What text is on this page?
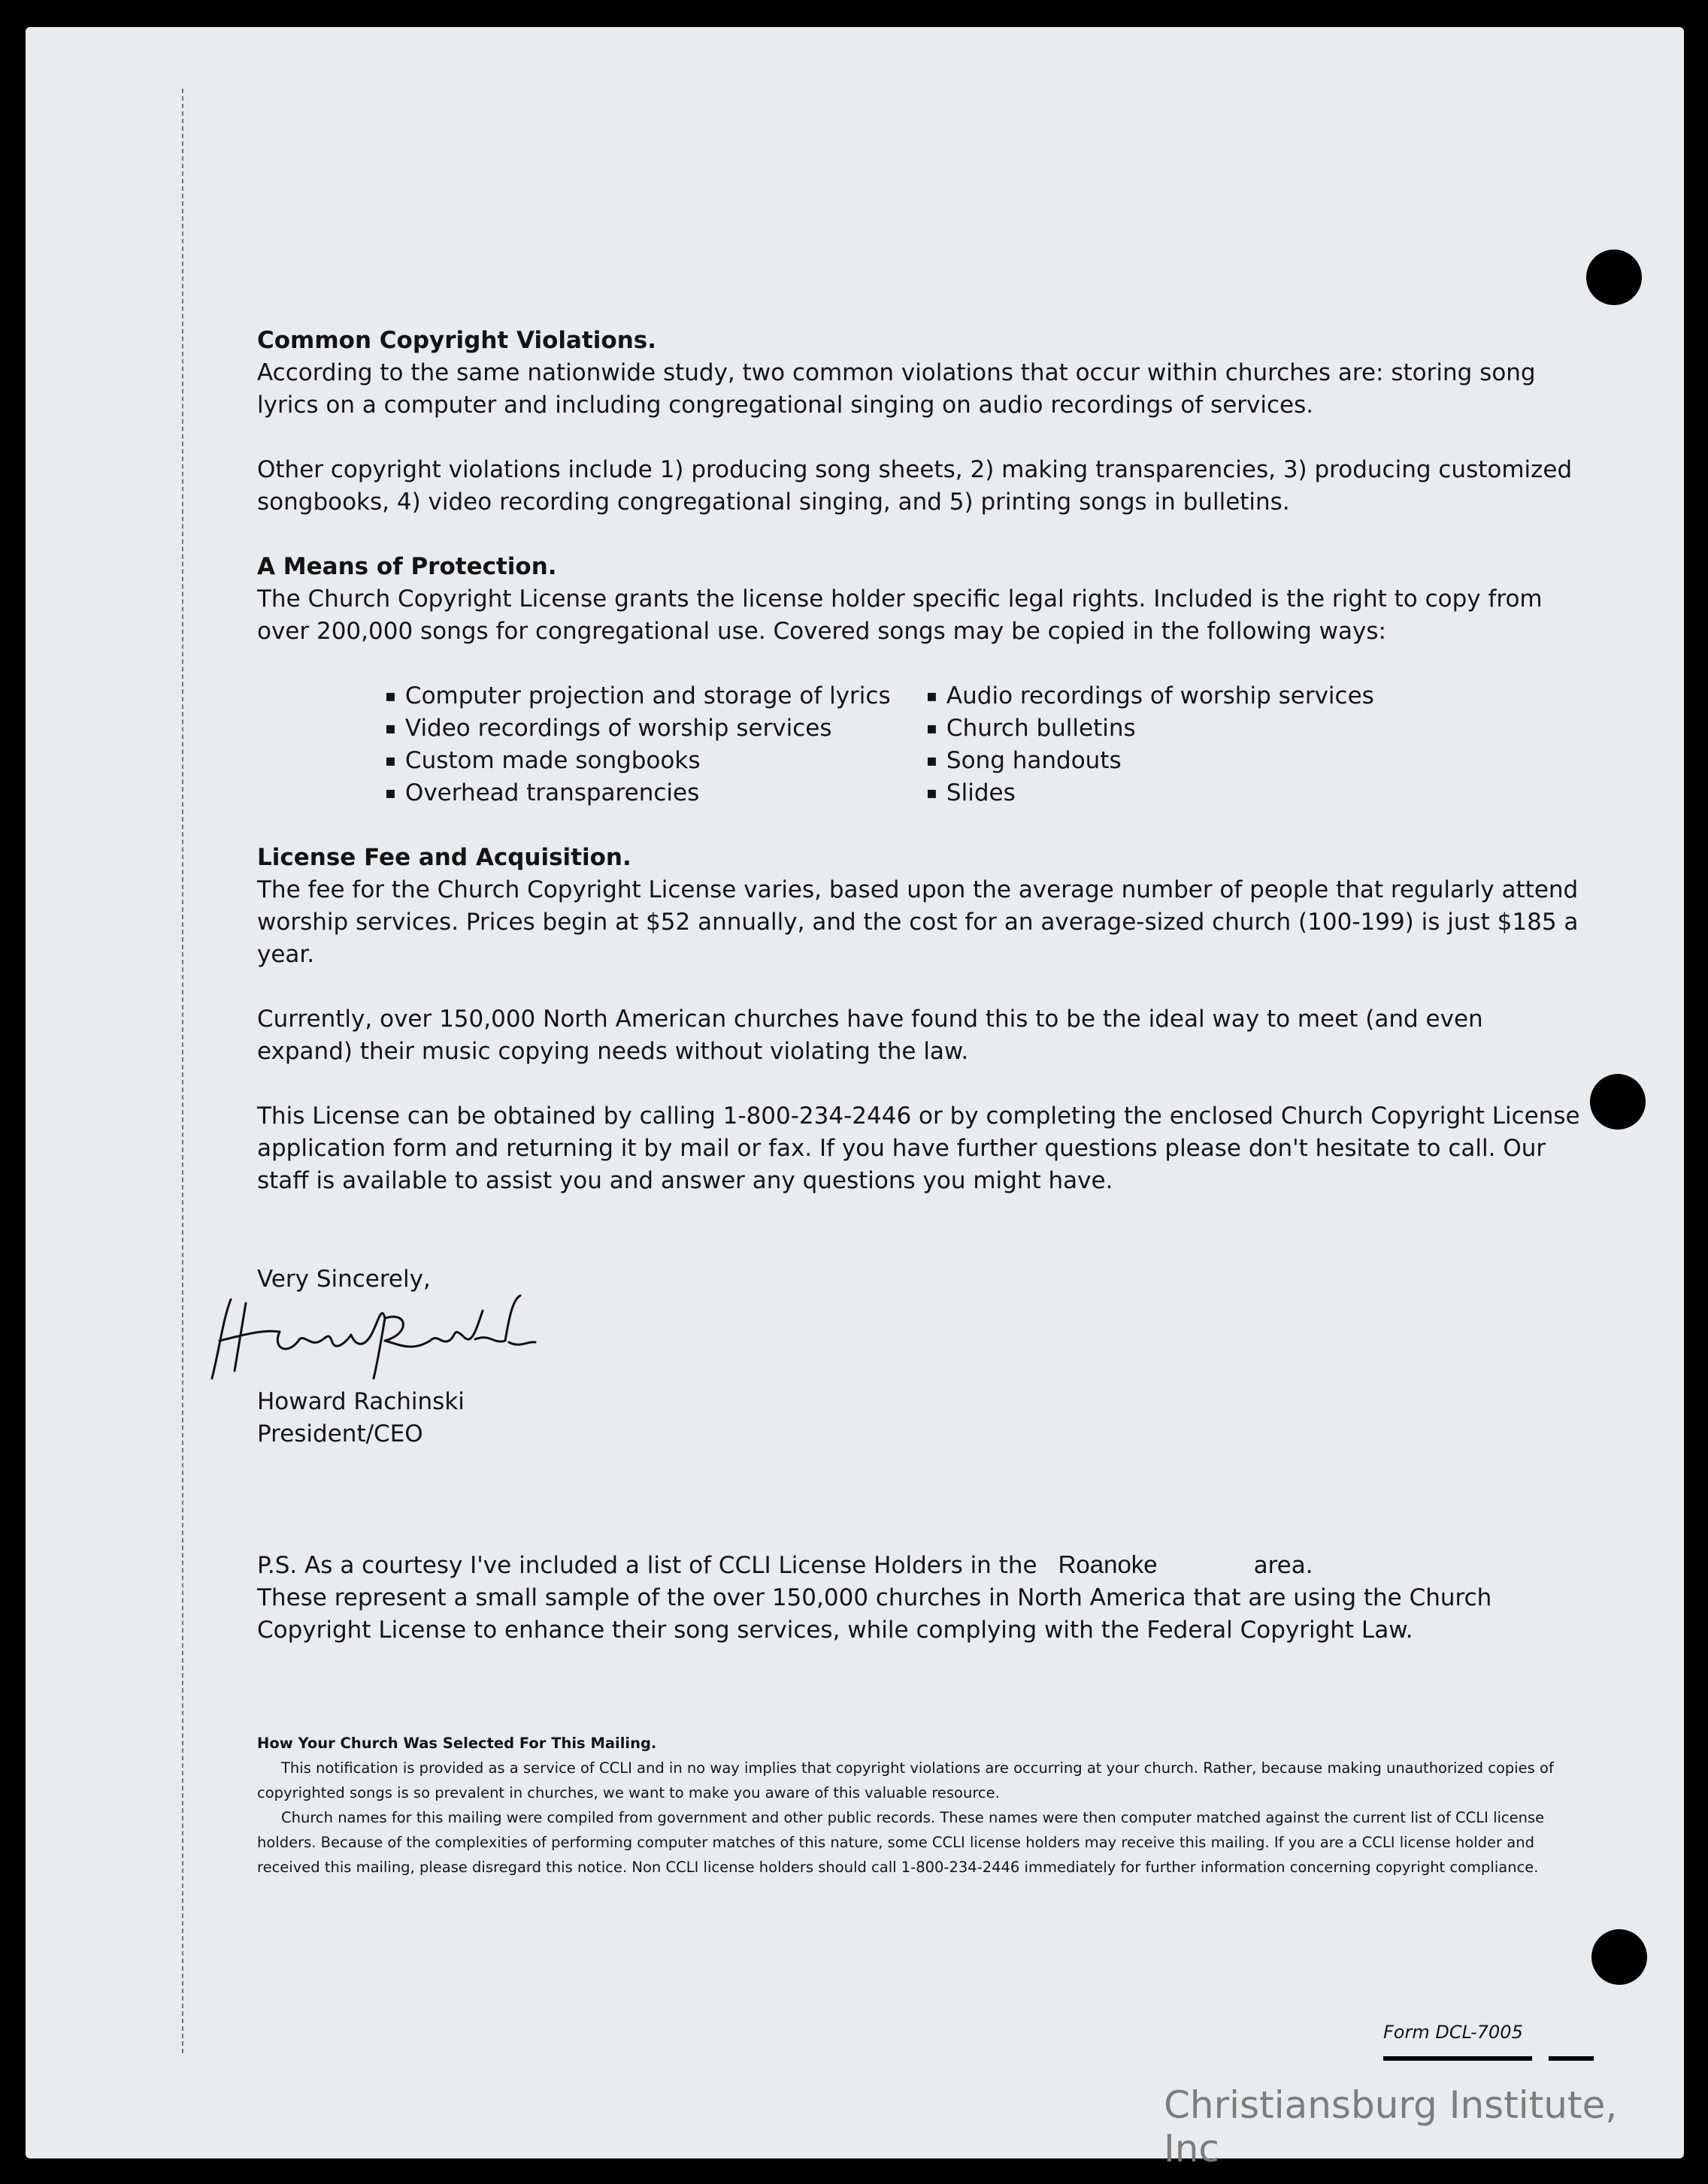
Common Copyright Violations.

According to the same nationwide study, two common violations that occur within churches are: storing song lyrics on a computer and including congregational singing on audio recordings of services.

Other copyright violations include 1) producing song sheets, 2) making transparencies, 3) producing customized songbooks, 4) video recording congregational singing, and 5) printing songs in bulletins.

A Means of Protection.

The Church Copyright License grants the license holder specific legal rights. Included is the right to copy from over 200,000 songs for congregational use. Covered songs may be copied in the following ways:

▪ Computer projection and storage of lyrics
▪ Video recordings of worship services
▪ Custom made songbooks
▪ Overhead transparencies
▪ Audio recordings of worship services
▪ Church bulletins
▪ Song handouts
▪ Slides

License Fee and Acquisition.

The fee for the Church Copyright License varies, based upon the average number of people that regularly attend worship services. Prices begin at $52 annually, and the cost for an average-sized church (100-199) is just $185 a year.

Currently, over 150,000 North American churches have found this to be the ideal way to meet (and even expand) their music copying needs without violating the law.

This License can be obtained by calling 1-800-234-2446 or by completing the enclosed Church Copyright License application form and returning it by mail or fax. If you have further questions please don't hesitate to call. Our staff is available to assist you and answer any questions you might have.

Very Sincerely,

Howard Rachinski

President/CEO

P.S. As a courtesy I've included a list of CCLI License Holders in the Roanoke	area.

These represent a small sample of the over 150,000 churches in North America that are using the Church Copyright License to enhance their song services, while complying with the Federal Copyright Law.

How Your Church Was Selected For This Mailing.

This notification is provided as a service of CCLI and in no way implies that copyright violations are occurring at your church. Rather, because making unauthorized copies of copyrighted songs is so prevalent in churches, we want to make you aware of this valuable resource.

Church names for this mailing were compiled from government and other public records. These names were then computer matched against the current list of CCLI license holders. Because of the complexities of performing computer matches of this nature, some CCLI license holders may receive this mailing. If you are a CCLI license holder and received this mailing, please disregard this notice. Non CCLI license holders should call 1-800-234-2446 immediately for further information concerning copyright compliance.

Form DCL-7005
Christiansburg Institute, Inc
